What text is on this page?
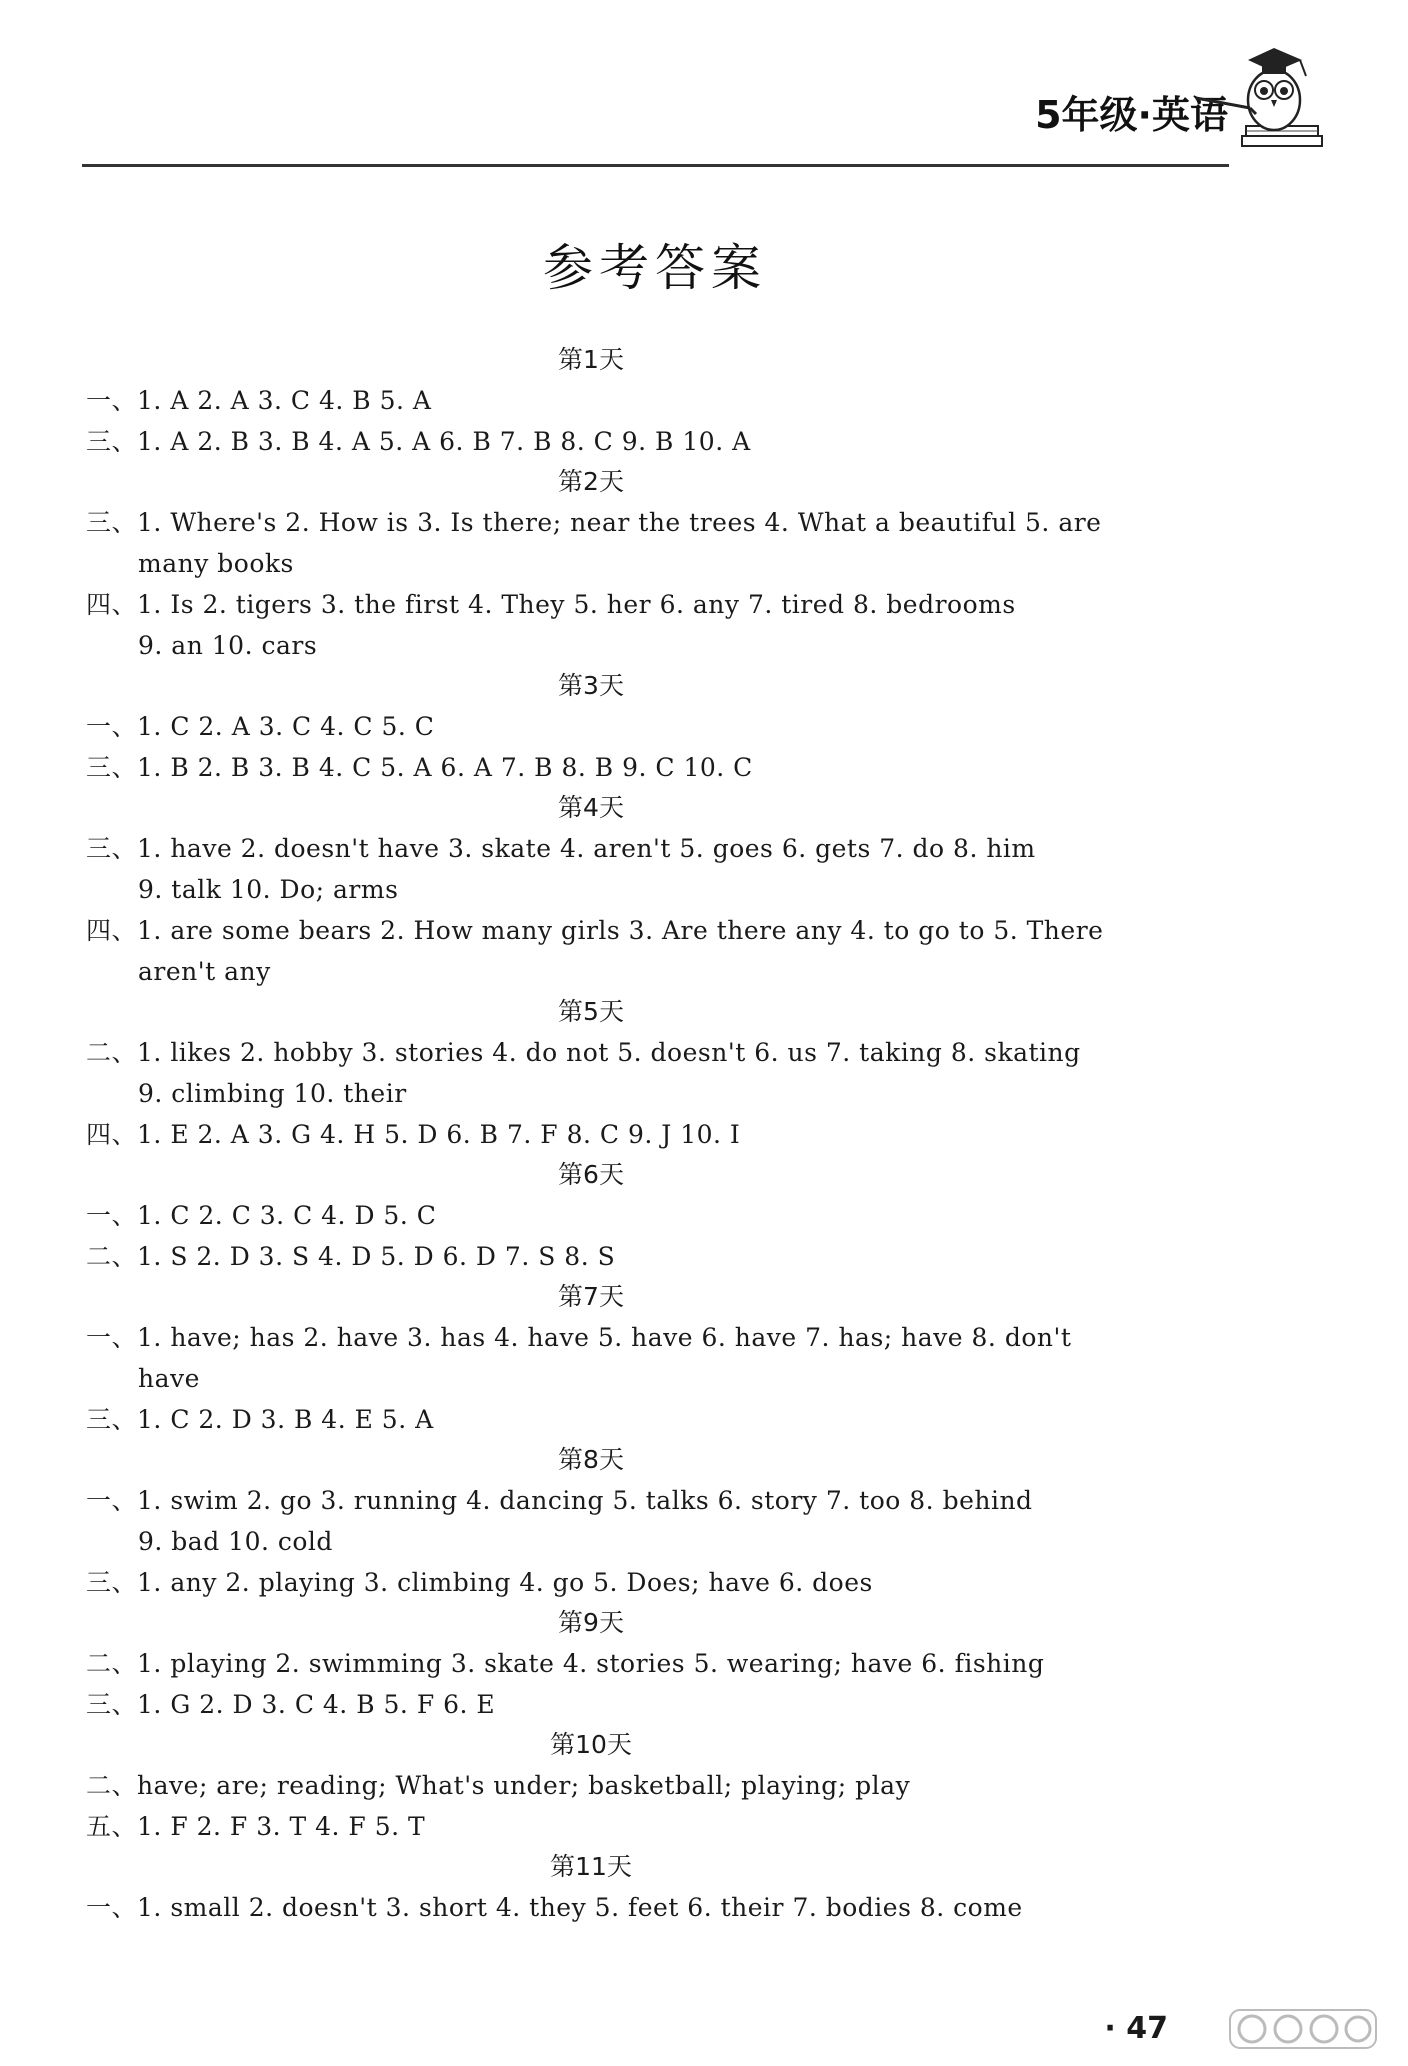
5年级·英语
参考答案
第1天
一、1. A 2. A 3. C 4. B 5. A
三、1. A 2. B 3. B 4. A 5. A 6. B 7. B 8. C 9. B 10. A
第2天
三、1. Where's 2. How is 3. Is there; near the trees 4. What a beautiful 5. are
many books
四、1. Is 2. tigers 3. the first 4. They 5. her 6. any 7. tired 8. bedrooms
9. an 10. cars
第3天
一、1. C 2. A 3. C 4. C 5. C
三、1. B 2. B 3. B 4. C 5. A 6. A 7. B 8. B 9. C 10. C
第4天
三、1. have 2. doesn't have 3. skate 4. aren't 5. goes 6. gets 7. do 8. him
9. talk 10. Do; arms
四、1. are some bears 2. How many girls 3. Are there any 4. to go to 5. There
aren't any
第5天
二、1. likes 2. hobby 3. stories 4. do not 5. doesn't 6. us 7. taking 8. skating
9. climbing 10. their
四、1. E 2. A 3. G 4. H 5. D 6. B 7. F 8. C 9. J 10. I
第6天
一、1. C 2. C 3. C 4. D 5. C
二、1. S 2. D 3. S 4. D 5. D 6. D 7. S 8. S
第7天
一、1. have; has 2. have 3. has 4. have 5. have 6. have 7. has; have 8. don't
have
三、1. C 2. D 3. B 4. E 5. A
第8天
一、1. swim 2. go 3. running 4. dancing 5. talks 6. story 7. too 8. behind
9. bad 10. cold
三、1. any 2. playing 3. climbing 4. go 5. Does; have 6. does
第9天
二、1. playing 2. swimming 3. skate 4. stories 5. wearing; have 6. fishing
三、1. G 2. D 3. C 4. B 5. F 6. E
第10天
二、have; are; reading; What's under; basketball; playing; play
五、1. F 2. F 3. T 4. F 5. T
第11天
一、1. small 2. doesn't 3. short 4. they 5. feet 6. their 7. bodies 8. come
· 47
